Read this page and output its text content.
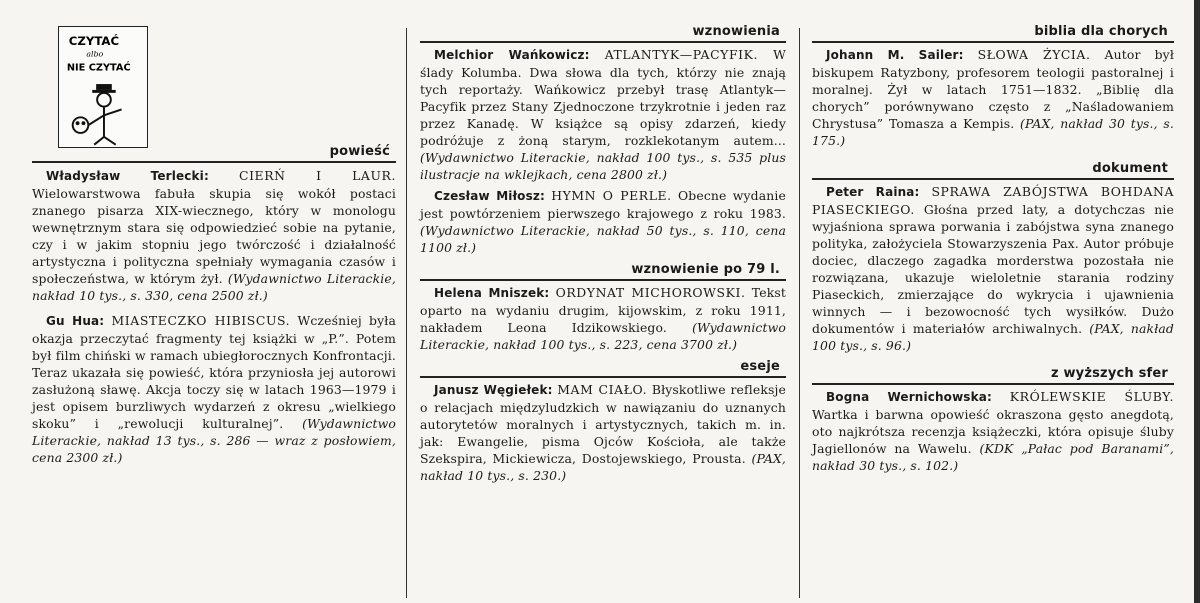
CZYTAĆ
albo
NIE CZYTAĆ
powieść
Władysław Terlecki: CIERŃ I LAUR. Wielowarstwowa fabuła skupia się wokół postaci znanego pisarza XIX-wiecznego, który w monologu wewnętrznym stara się odpowiedzieć sobie na pytanie, czy i w jakim stopniu jego twórczość i działalność artystyczna i polityczna spełniały wymagania czasów i społeczeństwa, w którym żył. (Wydawnictwo Literackie, nakład 10 tys., s. 330, cena 2500 zł.)
Gu Hua: MIASTECZKO HIBISCUS. Wcześniej była okazja przeczytać fragmenty tej książki w „P.”. Potem był film chiński w ramach ubiegłorocznych Konfrontacji. Teraz ukazała się powieść, która przyniosła jej autorowi zasłużoną sławę. Akcja toczy się w latach 1963—1979 i jest opisem burzliwych wydarzeń z okresu „wielkiego skoku” i „rewolucji kulturalnej”. (Wydawnictwo Literackie, nakład 13 tys., s. 286 — wraz z posłowiem, cena 2300 zł.)
wznowienia
Melchior Wańkowicz: ATLANTYK—PACYFIK. W ślady Kolumba. Dwa słowa dla tych, którzy nie znają tych reportaży. Wańkowicz przebył trasę Atlantyk—Pacyfik przez Stany Zjednoczone trzykrotnie i jeden raz przez Kanadę. W książce są opisy zdarzeń, kiedy podróżuje z żoną starym, rozklekotanym autem... (Wydawnictwo Literackie, nakład 100 tys., s. 535 plus ilustracje na wklejkach, cena 2800 zł.)
Czesław Miłosz: HYMN O PERLE. Obecne wydanie jest powtórzeniem pierwszego krajowego z roku 1983. (Wydawnictwo Literackie, nakład 50 tys., s. 110, cena 1100 zł.)
wznowienie po 79 l.
Helena Mniszek: ORDYNAT MICHOROWSKI. Tekst oparto na wydaniu drugim, kijowskim, z roku 1911, nakładem Leona Idzikowskiego. (Wydawnictwo Literackie, nakład 100 tys., s. 223, cena 3700 zł.)
eseje
Janusz Węgiełek: MAM CIAŁO. Błyskotliwe refleksje o relacjach międzyludzkich w nawiązaniu do uznanych autorytetów moralnych i artystycznych, takich m. in. jak: Ewangelie, pisma Ojców Kościoła, ale także Szekspira, Mickiewicza, Dostojewskiego, Prousta. (PAX, nakład 10 tys., s. 230.)
biblia dla chorych
Johann M. Sailer: SŁOWA ŻYCIA. Autor był biskupem Ratyzbony, profesorem teologii pastoralnej i moralnej. Żył w latach 1751—1832. „Biblię dla chorych” porównywano często z „Naśladowaniem Chrystusa” Tomasza a Kempis. (PAX, nakład 30 tys., s. 175.)
dokument
Peter Raina: SPRAWA ZABÓJSTWA BOHDANA PIASECKIEGO. Głośna przed laty, a dotychczas nie wyjaśniona sprawa porwania i zabójstwa syna znanego polityka, założyciela Stowarzyszenia Pax. Autor próbuje dociec, dlaczego zagadka morderstwa pozostała nie rozwiązana, ukazuje wieloletnie starania rodziny Piaseckich, zmierzające do wykrycia i ujawnienia winnych — i bezowocność tych wysiłków. Dużo dokumentów i materiałów archiwalnych. (PAX, nakład 100 tys., s. 96.)
z wyższych sfer
Bogna Wernichowska: KRÓLEWSKIE ŚLUBY. Wartka i barwna opowieść okraszona gęsto anegdotą, oto najkrótsza recenzja książeczki, która opisuje śluby Jagiellonów na Wawelu. (KDK „Pałac pod Baranami”, nakład 30 tys., s. 102.)
